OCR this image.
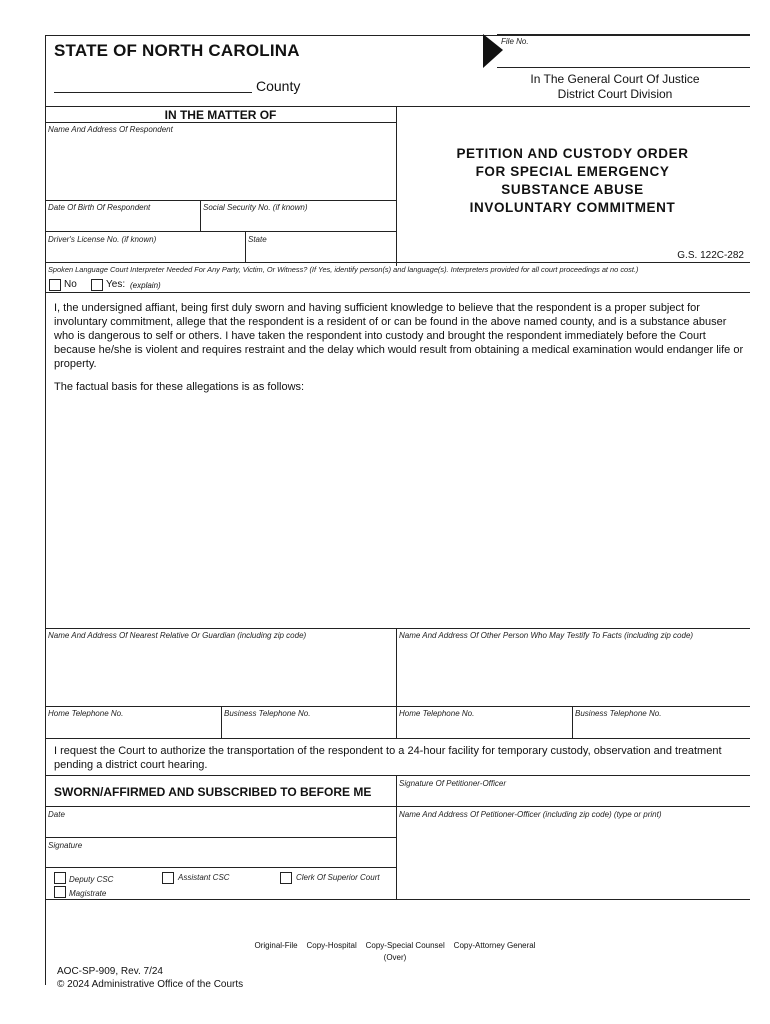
STATE OF NORTH CAROLINA
County
File No.
In The General Court Of Justice
District Court Division
IN THE MATTER OF
Name And Address Of Respondent
Date Of Birth Of Respondent	Social Security No. (if known)
Driver's License No. (if known)	State
PETITION AND CUSTODY ORDER
FOR SPECIAL EMERGENCY
SUBSTANCE ABUSE
INVOLUNTARY COMMITMENT
G.S. 122C-282
Spoken Language Court Interpreter Needed For Any Party, Victim, Or Witness? (If Yes, identify person(s) and language(s). Interpreters provided for all court proceedings at no cost.)
No	Yes: (explain)
I, the undersigned affiant, being first duly sworn and having sufficient knowledge to believe that the respondent is a proper subject for involuntary commitment, allege that the respondent is a resident of or can be found in the above named county, and is a substance abuser who is dangerous to self or others. I have taken the respondent into custody and brought the respondent immediately before the Court because he/she is violent and requires restraint and the delay which would result from obtaining a medical examination would endanger life or property.
The factual basis for these allegations is as follows:
Name And Address Of Nearest Relative Or Guardian (including zip code)	Name And Address Of Other Person Who May Testify To Facts (including zip code)
Home Telephone No.	Business Telephone No.	Home Telephone No.	Business Telephone No.
I request the Court to authorize the transportation of the respondent to a 24-hour facility for temporary custody, observation and treatment pending a district court hearing.
SWORN/AFFIRMED AND SUBSCRIBED TO BEFORE ME
Signature Of Petitioner-Officer
Date	Name And Address Of Petitioner-Officer (including zip code) (type or print)
Signature
Deputy CSC	Assistant CSC	Clerk Of Superior Court
Magistrate
Original-File    Copy-Hospital    Copy-Special Counsel    Copy-Attorney General
(Over)
AOC-SP-909, Rev. 7/24
© 2024 Administrative Office of the Courts
